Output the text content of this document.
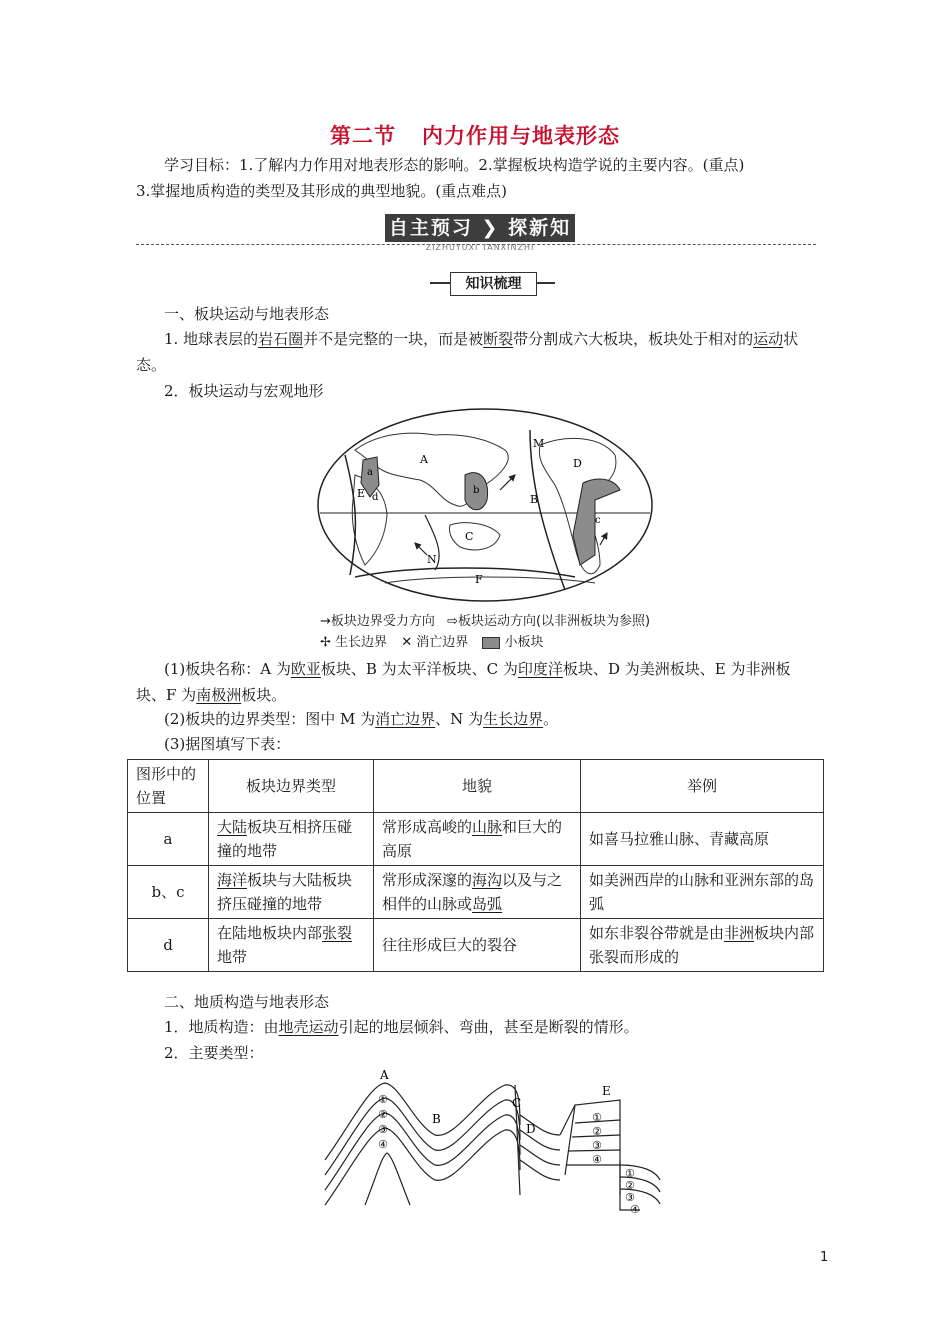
第二节 内力作用与地表形态
学习目标：1.了解内力作用对地表形态的影响。2.掌握板块构造学说的主要内容。(重点)
3.掌握地质构造的类型及其形成的典型地貌。(重点难点)
自主预习 ❯ 探新知
ZIZHUYUXI TANXINZHI
知识梳理
一、板块运动与地表形态
1. 地球表层的岩石圈并不是完整的一块，而是被断裂带分割成六大板块，板块处于相对的运动状态。
2．板块运动与宏观地形
A
B
C
D
E
F
M
N
a
b
c
d
→板块边界受力方向 ⇨板块运动方向(以非洲板块为参照)
✢ 生长边界 ✕ 消亡边界	小板块
(1)板块名称：A 为欧亚板块、B 为太平洋板块、C 为印度洋板块、D 为美洲板块、E 为非洲板块、F 为南极洲板块。
(2)板块的边界类型：图中 M 为消亡边界、N 为生长边界。
(3)据图填写下表：
图形中的位置	板块边界类型	地貌	举例
a	大陆板块互相挤压碰撞的地带	常形成高峻的山脉和巨大的高原	如喜马拉雅山脉、青藏高原
b、c	海洋板块与大陆板块挤压碰撞的地带	常形成深邃的海沟以及与之相伴的山脉或岛弧	如美洲西岸的山脉和亚洲东部的岛弧
d	在陆地板块内部张裂地带	往往形成巨大的裂谷	如东非裂谷带就是由非洲板块内部张裂而形成的
二、地质构造与地表形态
1．地质构造：由地壳运动引起的地层倾斜、弯曲，甚至是断裂的情形。
2．主要类型：
A
B
C
D
E
①
②
③
④
①
②
③
④
①
②
③
④
1
